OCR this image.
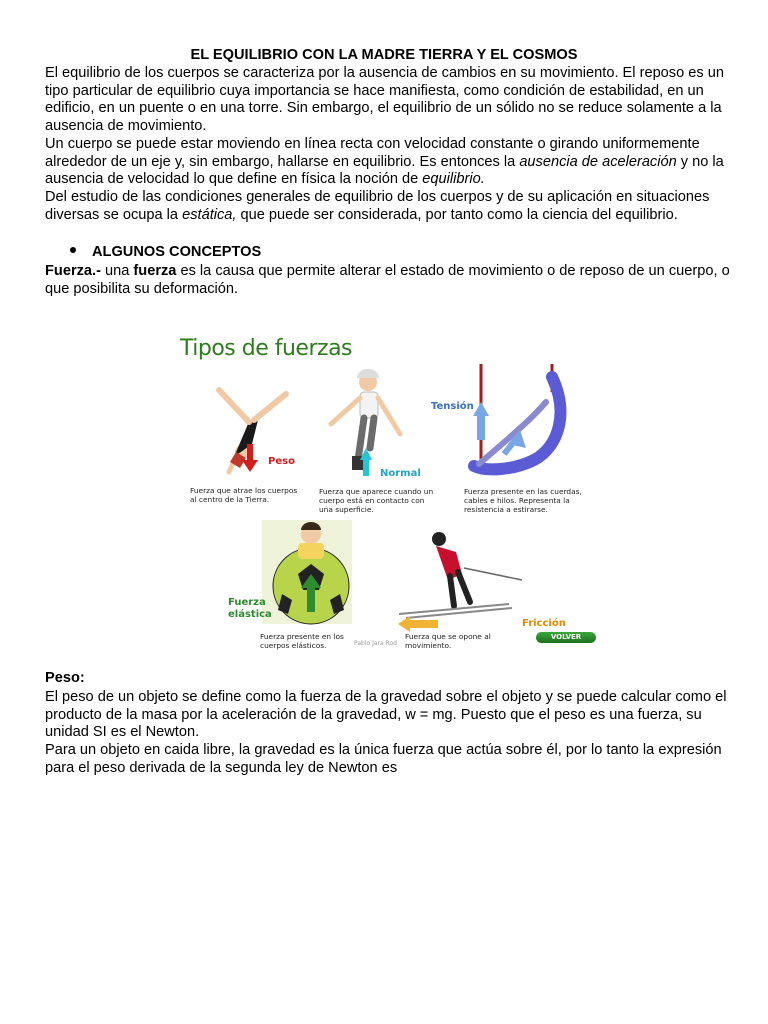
EL EQUILIBRIO CON LA MADRE TIERRA Y EL COSMOS

El equilibrio de los cuerpos se caracteriza por la ausencia de cambios en su movimiento. El reposo es un tipo particular de equilibrio cuya importancia se hace manifiesta, como condición de estabilidad, en un edificio, en un puente o en una torre. Sin embargo, el equilibrio de un sólido no se reduce solamente a la ausencia de movimiento.

Un cuerpo se puede estar moviendo en línea recta con velocidad constante o girando uniformemente alrededor de un eje y, sin embargo, hallarse en equilibrio. Es entonces la ausencia de aceleración y no la ausencia de velocidad lo que define en física la noción de equilibrio.

Del estudio de las condiciones generales de equilibrio de los cuerpos y de su aplicación en situaciones diversas se ocupa la estática, que puede ser considerada, por tanto como la ciencia del equilibrio.

ALGUNOS CONCEPTOS

Fuerza.- una fuerza es la causa que permite alterar el estado de movimiento o de reposo de un cuerpo, o que posibilita su deformación.

Tipos de fuerzas
Peso
Normal
Tensión
Fuerza
elástica
Fricción
Fuerza que atrae los cuerpos
al centro de la Tierra.
Fuerza que aparece cuando un
cuerpo está en contacto con
una superficie.
Fuerza presente en las cuerdas,
cables e hilos. Representa la
resistencia a estirarse.
Fuerza presente en los
cuerpos elásticos.
Fuerza que se opone al
movimiento.
Pablo Jara Rod
VOLVER
Peso:

El peso de un objeto se define como la fuerza de la gravedad sobre el objeto y se puede calcular como el producto de la masa por la aceleración de la gravedad, w = mg. Puesto que el peso es una fuerza, su unidad SI es el Newton.

Para un objeto en caida libre, la gravedad es la única fuerza que actúa sobre él, por lo tanto la expresión para el peso derivada de la segunda ley de Newton es
